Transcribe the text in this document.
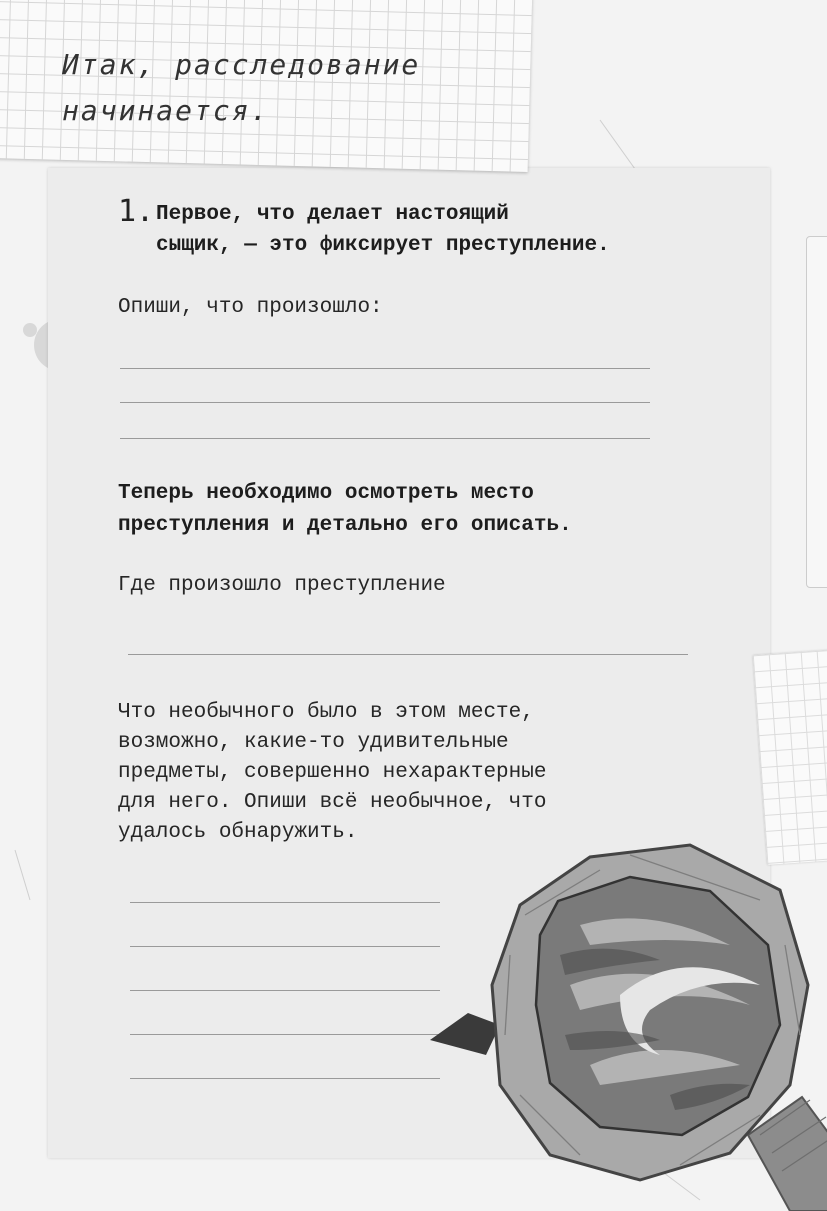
Итак, расследование
начинается.
1. Первое, что делает настоящий
сыщик, — это фиксирует преступление.
Опиши, что произошло:
Теперь необходимо осмотреть место
преступления и детально его описать.
Где произошло преступление
Что необычного было в этом месте,
возможно, какие-то удивительные
предметы, совершенно нехарактерные
для него. Опиши всё необычное, что
удалось обнаружить.
